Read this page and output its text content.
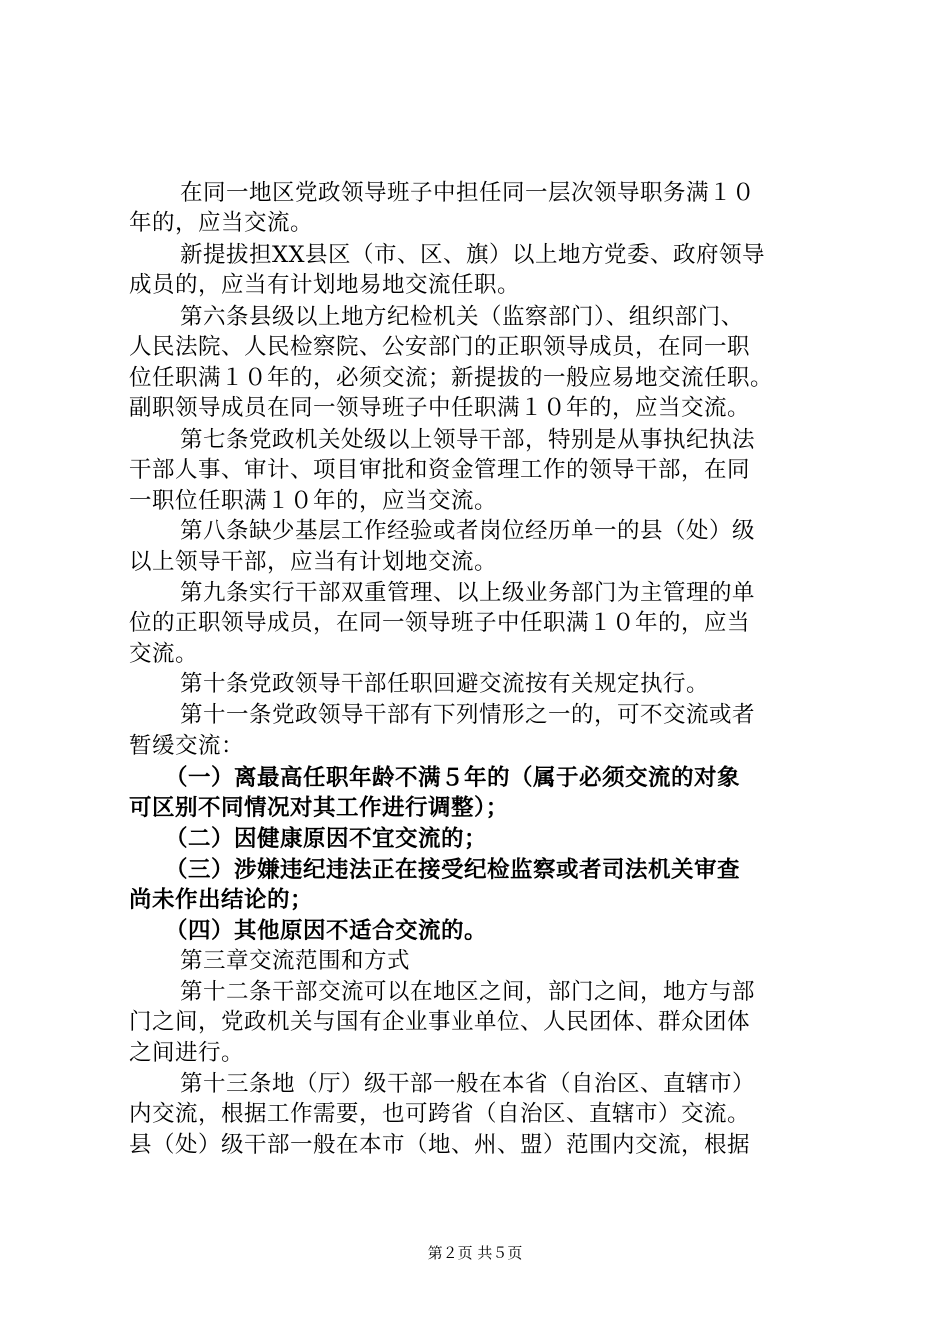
在同一地区党政领导班子中担任同一层次领导职务满１０
年的，应当交流。
新提拔担XX县区（市、区、旗）以上地方党委、政府领导
成员的，应当有计划地易地交流任职。
第六条县级以上地方纪检机关（监察部门）、组织部门、
人民法院、人民检察院、公安部门的正职领导成员，在同一职
位任职满１０年的，必须交流；新提拔的一般应易地交流任职。
副职领导成员在同一领导班子中任职满１０年的，应当交流。
第七条党政机关处级以上领导干部，特别是从事执纪执法
干部人事、审计、项目审批和资金管理工作的领导干部，在同
一职位任职满１０年的，应当交流。
第八条缺少基层工作经验或者岗位经历单一的县（处）级
以上领导干部，应当有计划地交流。
第九条实行干部双重管理、以上级业务部门为主管理的单
位的正职领导成员，在同一领导班子中任职满１０年的，应当
交流。
第十条党政领导干部任职回避交流按有关规定执行。
第十一条党政领导干部有下列情形之一的，可不交流或者
暂缓交流：
（一）离最高任职年龄不满５年的（属于必须交流的对象
可区别不同情况对其工作进行调整）；
（二）因健康原因不宜交流的；
（三）涉嫌违纪违法正在接受纪检监察或者司法机关审查
尚未作出结论的；
（四）其他原因不适合交流的。
第三章交流范围和方式
第十二条干部交流可以在地区之间，部门之间，地方与部
门之间，党政机关与国有企业事业单位、人民团体、群众团体
之间进行。
第十三条地（厅）级干部一般在本省（自治区、直辖市）
内交流，根据工作需要，也可跨省（自治区、直辖市）交流。
县（处）级干部一般在本市（地、州、盟）范围内交流，根据
第２页 共５页
